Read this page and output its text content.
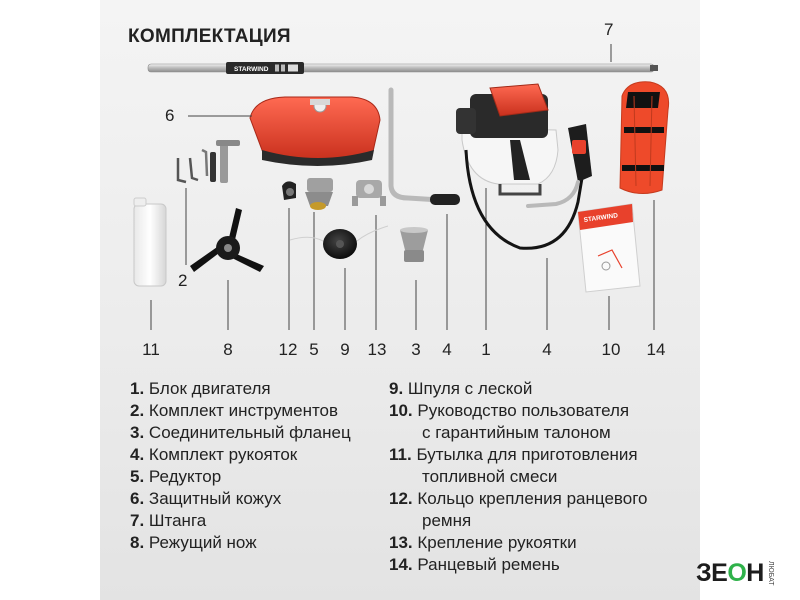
КОМПЛЕКТАЦИЯ
STARWIND
STARWIND
7
6
2
11	8	12 5 9 13 3 4 1	4	10 14
1. Блок двигателя
2. Комплект инструментов
3. Соединительный фланец
4. Комплект рукояток
5. Редуктор
6. Защитный кожух
7. Штанга
8. Режущий нож
9. Шпуля с леской
10. Руководство пользователя
с гарантийным талоном
11. Бутылка для приготовления
топливной смеси
12. Кольцо крепления ранцевого
ремня
13. Крепление рукоятки
14. Ранцевый ремень	ЗЕОН ЛЮБАТ
